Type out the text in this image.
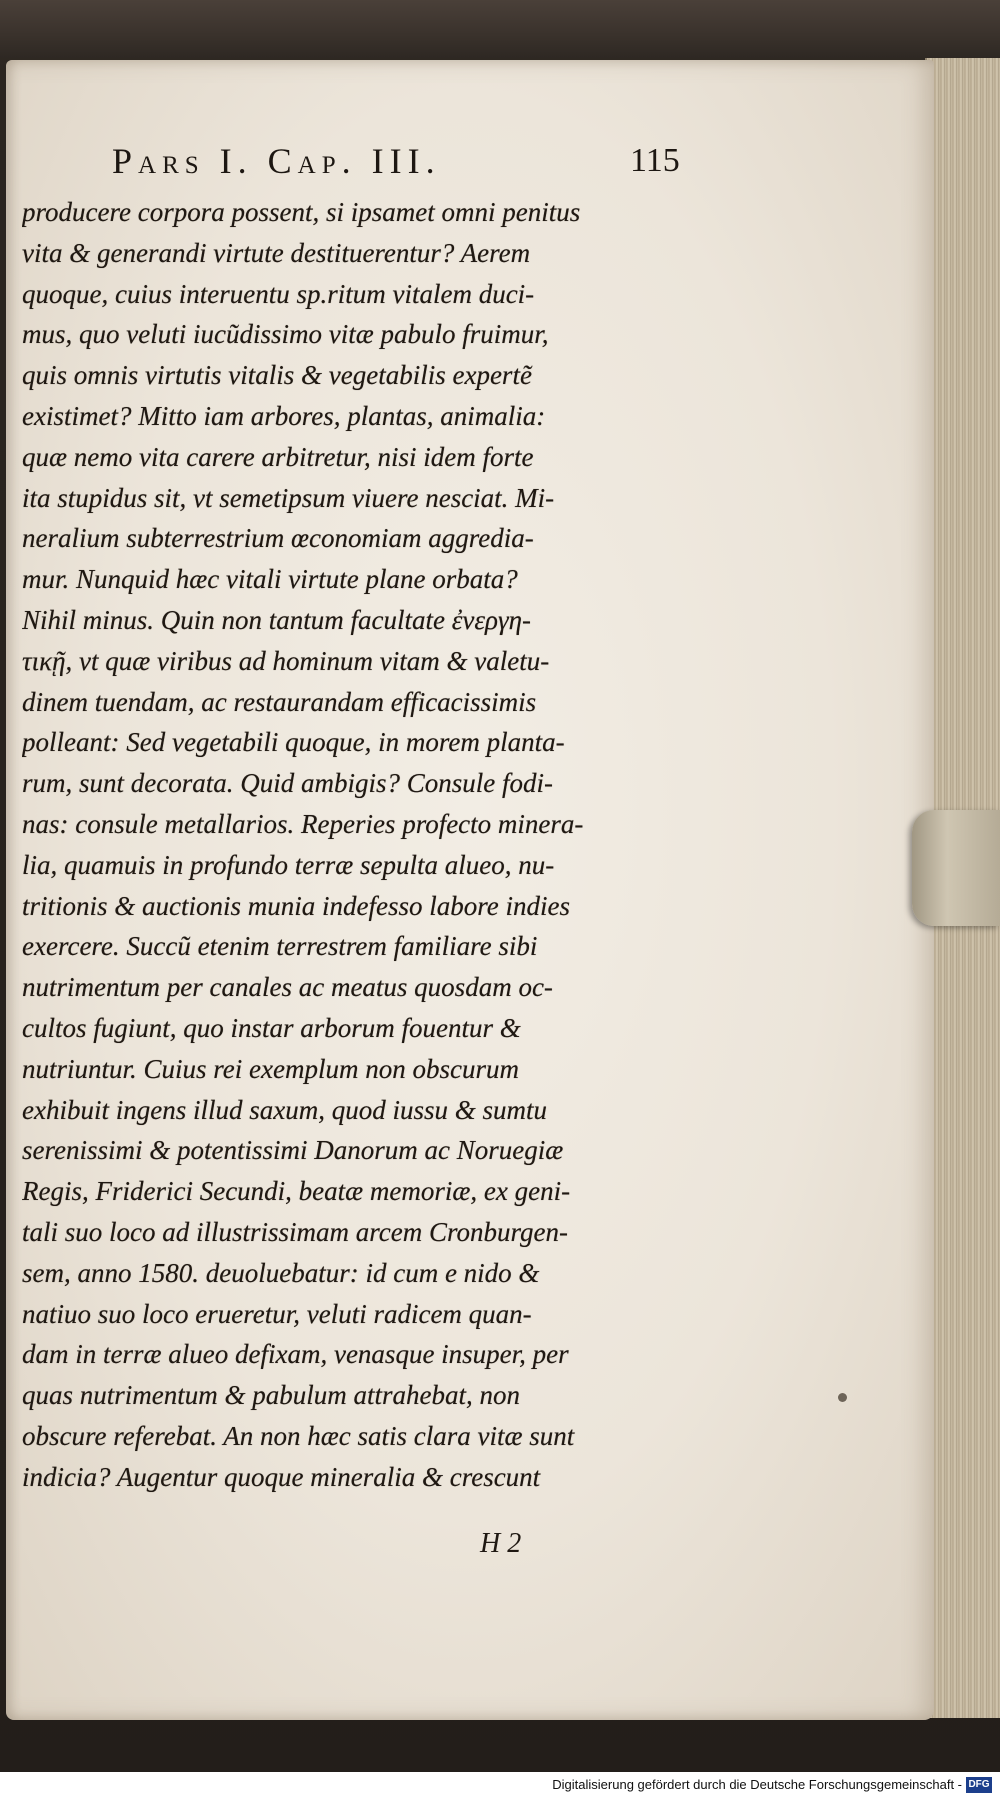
Pars I. Cap. III.	115
producere corpora possent, si ipsamet omni penitus
vita & generandi virtute destituerentur? Aerem
quoque, cuius interuentu sp.ritum vitalem duci-
mus, quo veluti iucũdissimo vitæ pabulo fruimur,
quis omnis virtutis vitalis & vegetabilis expertẽ
existimet? Mitto iam arbores, plantas, animalia:
quæ nemo vita carere arbitretur, nisi idem forte
ita stupidus sit, vt semetipsum viuere nesciat. Mi-
neralium subterrestrium œconomiam aggredia-
mur. Nunquid hæc vitali virtute plane orbata?
Nihil minus. Quin non tantum facultate ἐνεργη-
τικῇ, vt quæ viribus ad hominum vitam & valetu-
dinem tuendam, ac restaurandam efficacissimis
polleant: Sed vegetabili quoque, in morem planta-
rum, sunt decorata. Quid ambigis? Consule fodi-
nas: consule metallarios. Reperies profecto minera-
lia, quamuis in profundo terræ sepulta alueo, nu-
tritionis & auctionis munia indefesso labore indies
exercere. Succũ etenim terrestrem familiare sibi
nutrimentum per canales ac meatus quosdam oc-
cultos fugiunt, quo instar arborum fouentur &
nutriuntur. Cuius rei exemplum non obscurum
exhibuit ingens illud saxum, quod iussu & sumtu
serenissimi & potentissimi Danorum ac Noruegiæ
Regis, Friderici Secundi, beatæ memoriæ, ex geni-
tali suo loco ad illustrissimam arcem Cronburgen-
sem, anno 1580. deuoluebatur: id cum e nido &
natiuo suo loco erueretur, veluti radicem quan-
dam in terræ alueo defixam, venasque insuper, per
quas nutrimentum & pabulum attrahebat, non
obscure referebat. An non hæc satis clara vitæ sunt
indicia? Augentur quoque mineralia & crescunt
H 2
Digitalisierung gefördert durch die Deutsche Forschungsgemeinschaft - DFG
